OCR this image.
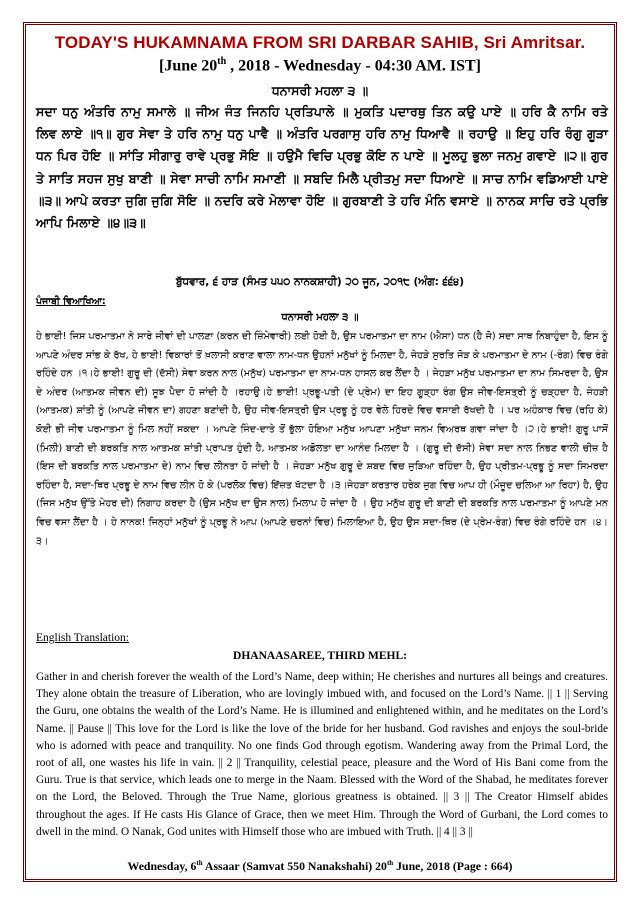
TODAY'S HUKAMNAMA FROM SRI DARBAR SAHIB, Sri Amritsar.
[June 20th , 2018 - Wednesday - 04:30 AM. IST]
ਧਨਾਸਰੀ ਮਹਲਾ ੩ ॥
ਸਦਾ ਧਨੁ ਅੰਤਰਿ ਨਾਮੁ ਸਮਾਲੇ ॥ ਜੀਅ ਜੰਤ ਜਿਨਹਿ ਪ੍ਰਤਿਪਾਲੇ ॥ ਮੁਕਤਿ ਪਦਾਰਥੁ ਤਿਨ ਕਉ ਪਾਏ ॥ ਹਰਿ ਕੈ ਨਾਮਿ ਰਤੇ ਲਿਵ ਲਾਏ ॥੧॥ ਗੁਰ ਸੇਵਾ ਤੇ ਹਰਿ ਨਾਮੁ ਧਨੁ ਪਾਵੈ ॥ ਅੰਤਰਿ ਪਰਗਾਸੁ ਹਰਿ ਨਾਮੁ ਧਿਆਵੈ ॥ ਰਹਾਉ ॥ ਇਹੁ ਹਰਿ ਰੰਗੁ ਗੂੜਾ ਧਨ ਪਿਰ ਹੋਇ ॥ ਸਾਂਤਿ ਸੀਗਾਰੁ ਰਾਵੇ ਪ੍ਰਭੁ ਸੋਇ ॥ ਹਉਮੈ ਵਿਚਿ ਪ੍ਰਭੁ ਕੋਇ ਨ ਪਾਏ ॥ ਮੂਲਹੁ ਭੁਲਾ ਜਨਮੁ ਗਵਾਏ ॥੨॥ ਗੁਰ ਤੇ ਸਾਤਿ ਸਹਜ ਸੁਖੁ ਬਾਣੀ ॥ ਸੇਵਾ ਸਾਚੀ ਨਾਮਿ ਸਮਾਣੀ ॥ ਸਬਦਿ ਮਿਲੈ ਪ੍ਰੀਤਮੁ ਸਦਾ ਧਿਆਏ ॥ ਸਾਚ ਨਾਮਿ ਵਡਿਆਈ ਪਾਏ ॥੩॥ ਆਪੇ ਕਰਤਾ ਜੁਗਿ ਜੁਗਿ ਸੋਇ ॥ ਨਦਰਿ ਕਰੇ ਮੇਲਾਵਾ ਹੋਇ ॥ ਗੁਰਬਾਣੀ ਤੇ ਹਰਿ ਮੰਨਿ ਵਸਾਏ ॥ ਨਾਨਕ ਸਾਚਿ ਰਤੇ ਪ੍ਰਭਿ ਆਪਿ ਮਿਲਾਏ ॥੪॥੩॥
ਬੁੱਧਵਾਰ, ੬ ਹਾੜ (ਸੰਮਤ ੫੫੦ ਨਾਨਕਸ਼ਾਹੀ) ੨੦ ਜੂਨ, ੨੦੧੮ (ਅੰਗ: ੬੬੪)
ਪੰਜਾਬੀ ਵਿਆਖਿਆ:
ਧਨਾਸਰੀ ਮਹਲਾ ੩ ॥
ਹੇ ਭਾਈ! ਜਿਸ ਪਰਮਾਤਮਾ ਨੇ ਸਾਰੇ ਜੀਵਾਂ ਦੀ ਪਾਲਣਾ (ਕਰਨ ਦੀ ਜ਼ਿੰਮੇਵਾਰੀ) ਲਈ ਹੋਈ ਹੈ, ਉਸ ਪਰਮਾਤਮਾ ਦਾ ਨਾਮ (ਐਸਾ) ਧਨ (ਹੈ ਜੋ) ਸਦਾ ਸਾਥ ਨਿਬਾਹੁੰਦਾ ਹੈ, ਇਸ ਨੂੰ ਆਪਣੇ ਅੰਦਰ ਸਾਂਭ ਕੇ ਰੱਖ, ਹੇ ਭਾਈ! ਵਿਕਾਰਾਂ ਤੋਂ ਖ਼ਲਾਸੀ ਕਰਾਣ ਵਾਲਾ ਨਾਮ-ਧਨ ਉਹਨਾਂ ਮਨੁੱਖਾਂ ਨੂੰ ਮਿਲਦਾ ਹੈ, ਜੇਹੜੇ ਸੁਰਤਿ ਜੋੜ ਕੇ ਪਰਮਾਤਮਾ ਦੇ ਨਾਮ (-ਰੰਗ) ਵਿਚ ਰੰਗੇ ਰਹਿੰਦੇ ਹਨ ।੧।ਹੇ ਭਾਈ! ਗੁਰੂ ਦੀ (ਦੱਸੀ) ਸੇਵਾ ਕਰਨ ਨਾਲ (ਮਨੁੱਖ) ਪਰਮਾਤਮਾ ਦਾ ਨਾਮ-ਧਨ ਹਾਸਲ ਕਰ ਲੈਂਦਾ ਹੈ । ਜੇਹੜਾ ਮਨੁੱਖ ਪਰਮਾਤਮਾ ਦਾ ਨਾਮ ਸਿਮਰਦਾ ਹੈ, ਉਸ ਦੇ ਅੰਦਰ (ਆਤਮਕ ਜੀਵਨ ਦੀ) ਸੂਝ ਪੈਦਾ ਹੋ ਜਾਂਦੀ ਹੈ ।ਰਹਾਉ।ਹੇ ਭਾਈ! ਪ੍ਰਭੂ-ਪਤੀ (ਦੇ ਪ੍ਰੇਮ) ਦਾ ਇਹ ਗੂੜ੍ਹਾ ਰੰਗ ਉਸ ਜੀਵ-ਇਸਤ੍ਰੀ ਨੂੰ ਚੜ੍ਹਦਾ ਹੈ, ਜੇਹੜੀ (ਆਤਮਕ) ਸ਼ਾਂਤੀ ਨੂੰ (ਆਪਣੇ ਜੀਵਨ ਦਾ) ਗਹਣਾ ਬਣਾਂਦੀ ਹੈ, ਉਹ ਜੀਵ-ਇਸਤ੍ਰੀ ਉਸ ਪ੍ਰਭੂ ਨੂੰ ਹਰ ਵੇਲੇ ਹਿਰਦੇ ਵਿਚ ਵਸਾਈ ਰੱਖਦੀ ਹੈ । ਪਰ ਅਹੰਕਾਰ ਵਿਚ (ਰਹਿ ਕੇ) ਕੋਈ ਭੀ ਜੀਵ ਪਰਮਾਤਮਾ ਨੂੰ ਮਿਲ ਨਹੀਂ ਸਕਦਾ । ਆਪਣੇ ਜਿੰਦ-ਦਾਤੇ ਤੋਂ ਭੁੱਲਾ ਹੋਇਆ ਮਨੁੱਖ ਆਪਣਾ ਮਨੁੱਖਾ ਜਨਮ ਵਿਅਰਥ ਗਵਾ ਜਾਂਦਾ ਹੈ ।੨।ਹੇ ਭਾਈ! ਗੁਰੂ ਪਾਸੋਂ (ਮਿਲੀ) ਬਾਣੀ ਦੀ ਬਰਕਤਿ ਨਾਲ ਆਤਮਕ ਸ਼ਾਂਤੀ ਪ੍ਰਾਪਤ ਹੁੰਦੀ ਹੈ, ਆਤਮਕ ਅਡੋਲਤਾ ਦਾ ਆਨੰਦ ਮਿਲਦਾ ਹੈ । (ਗੁਰੂ ਦੀ ਦੱਸੀ) ਸੇਵਾ ਸਦਾ ਨਾਲ ਨਿਭਣ ਵਾਲੀ ਚੀਜ਼ ਹੈ (ਇਸ ਦੀ ਬਰਕਤਿ ਨਾਲ ਪਰਮਾਤਮਾ ਦੇ) ਨਾਮ ਵਿਚ ਲੀਨਤਾ ਹੋ ਜਾਂਦੀ ਹੈ । ਜੇਹੜਾ ਮਨੁੱਖ ਗੁਰੂ ਦੇ ਸ਼ਬਦ ਵਿਚ ਜੁੜਿਆ ਰਹਿੰਦਾ ਹੈ, ਉਹ ਪ੍ਰੀਤਮ-ਪ੍ਰਭੂ ਨੂੰ ਸਦਾ ਸਿਮਰਦਾ ਰਹਿੰਦਾ ਹੈ, ਸਦਾ-ਥਿਰ ਪ੍ਰਭੂ ਦੇ ਨਾਮ ਵਿਚ ਲੀਨ ਹੋ ਕੇ (ਪਰਲੋਕ ਵਿਚ) ਇੱਜ਼ਤ ਖੱਟਦਾ ਹੈ ।੩।ਜੇਹੜਾ ਕਰਤਾਰ ਹਰੇਕ ਜੁਗ ਵਿਚ ਆਪ ਹੀ (ਮੌਜੂਦ ਚਲਿਆ ਆ ਰਿਹਾ) ਹੈ, ਉਹ (ਜਿਸ ਮਨੁੱਖ ਉੱਤੇ ਮੇਹਰ ਦੀ) ਨਿਗਾਹ ਕਰਦਾ ਹੈ (ਉਸ ਮਨੁੱਖ ਦਾ ਉਸ ਨਾਲ) ਮਿਲਾਪ ਹੋ ਜਾਂਦਾ ਹੈ । ਉਹ ਮਨੁੱਖ ਗੁਰੂ ਦੀ ਬਾਣੀ ਦੀ ਬਰਕਤਿ ਨਾਲ ਪਰਮਾਤਮਾ ਨੂੰ ਆਪਣੇ ਮਨ ਵਿਚ ਵਸਾ ਲੈਂਦਾ ਹੈ । ਹੇ ਨਾਨਕ! ਜਿਨ੍ਹਾਂ ਮਨੁੱਖਾਂ ਨੂੰ ਪ੍ਰਭੂ ਨੇ ਆਪ (ਆਪਣੇ ਚਰਨਾਂ ਵਿਚ) ਮਿਲਾਇਆ ਹੈ, ਉਹ ਉਸ ਸਦਾ-ਥਿਰ (ਦੇ ਪ੍ਰੇਮ-ਰੰਗ) ਵਿਚ ਰੰਗੇ ਰਹਿੰਦੇ ਹਨ ।੪।੩।
English Translation:
DHANAASAREE, THIRD MEHL:
Gather in and cherish forever the wealth of the Lord’s Name, deep within; He cherishes and nurtures all beings and creatures. They alone obtain the treasure of Liberation, who are lovingly imbued with, and focused on the Lord’s Name. || 1 || Serving the Guru, one obtains the wealth of the Lord’s Name. He is illumined and enlightened within, and he meditates on the Lord’s Name. || Pause || This love for the Lord is like the love of the bride for her husband. God ravishes and enjoys the soul-bride who is adorned with peace and tranquility. No one finds God through egotism. Wandering away from the Primal Lord, the root of all, one wastes his life in vain. || 2 || Tranquility, celestial peace, pleasure and the Word of His Bani come from the Guru. True is that service, which leads one to merge in the Naam. Blessed with the Word of the Shabad, he meditates forever on the Lord, the Beloved. Through the True Name, glorious greatness is obtained. || 3 || The Creator Himself abides throughout the ages. If He casts His Glance of Grace, then we meet Him. Through the Word of Gurbani, the Lord comes to dwell in the mind. O Nanak, God unites with Himself those who are imbued with Truth. || 4 || 3 ||
Wednesday, 6th Assaar (Samvat 550 Nanakshahi) 20th June, 2018 (Page : 664)
